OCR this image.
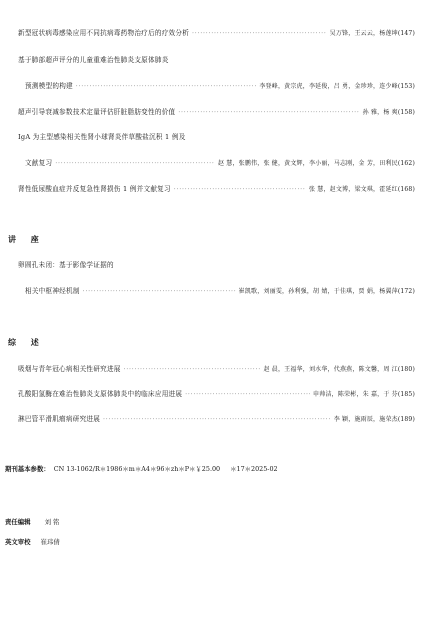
新型冠状病毒感染应用不同抗病毒药物治疗后的疗效分析 ·····	吴万锋，王云云，杨莲坤(147)
基于肺部超声评分的儿童重难治性肺炎支原体肺炎
预测模型的构建 ·····	李登峰，黄宗虎，李延俊，吕 勇，金珍珍，连少峰(153)
超声引导衰减参数技术定量评估肝脏脂肪变性的价值 ·····	孙 雅，杨 爽(158)
IgA 为主型感染相关性肾小球肾炎伴草酸盐沉积 1 例及
文献复习 ·····	赵 慧，张鹏伟，张 健，黄文辉，李小丽，马志刚，金 芳，田利民(162)
肾性低尿酸血症并反复急性肾损伤 1 例并文献复习 ·····	张 慧，赵文博，梁文琪，霍延红(168)
讲 座
卵圆孔未闭：基于影像学证据的
相关中枢神经机制 ·····	崔凯歌，刘丽雯，孙利强，胡 婧，于佳琪，贾 娟，杨翼萍(172)
综 述
吸烟与青年冠心病相关性研究进展 ·····	赵 晨，王福华，刘水华，代燕燕，陈文馨，周 江(180)
孔酸阳氢酶在难治性肺炎支原体肺炎中的临床应用进展 ·····	申帅洁，陈荣彬，朱 嘉，于 芬(185)
淋巴管平滑肌瘤病研究进展 ·····	李 颖，施雨辰，施荣杰(189)
期刊基本参数： CN 13-1062/R＊1986＊m＊A4＊96＊zh＊P＊￥25.00 ＊17＊2025-02
责任编辑 刘 铭
英文审校 崔玮倩
